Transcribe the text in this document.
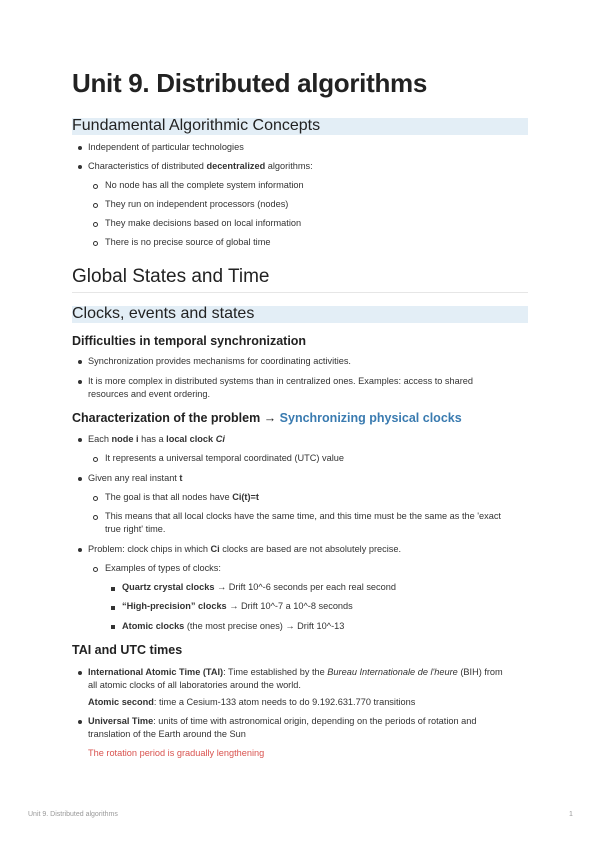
Unit 9. Distributed algorithms
Fundamental Algorithmic Concepts
Independent of particular technologies
Characteristics of distributed decentralized algorithms:
No node has all the complete system information
They run on independent processors (nodes)
They make decisions based on local information
There is no precise source of global time
Global States and Time
Clocks, events and states
Difficulties in temporal synchronization
Synchronization provides mechanisms for coordinating activities.
It is more complex in distributed systems than in centralized ones. Examples: access to shared
resources and event ordering.
Characterization of the problem → Synchronizing physical clocks
Each node i has a local clock Ci
It represents a universal temporal coordinated (UTC) value
Given any real instant t
The goal is that all nodes have Ci(t)=t
This means that all local clocks have the same time, and this time must be the same as the 'exact
true right' time.
Problem: clock chips in which Ci clocks are based are not absolutely precise.
Examples of types of clocks:
Quartz crystal clocks → Drift 10^-6 seconds per each real second
“High-precision” clocks → Drift 10^-7 a 10^-8 seconds
Atomic clocks (the most precise ones) → Drift 10^-13
TAI and UTC times
International Atomic Time (TAI): Time established by the Bureau Internationale de l'heure (BIH) from
all atomic clocks of all laboratories around the world.
Atomic second: time a Cesium-133 atom needs to do 9.192.631.770 transitions
Universal Time: units of time with astronomical origin, depending on the periods of rotation and
translation of the Earth around the Sun
The rotation period is gradually lengthening
Unit 9. Distributed algorithms	1
